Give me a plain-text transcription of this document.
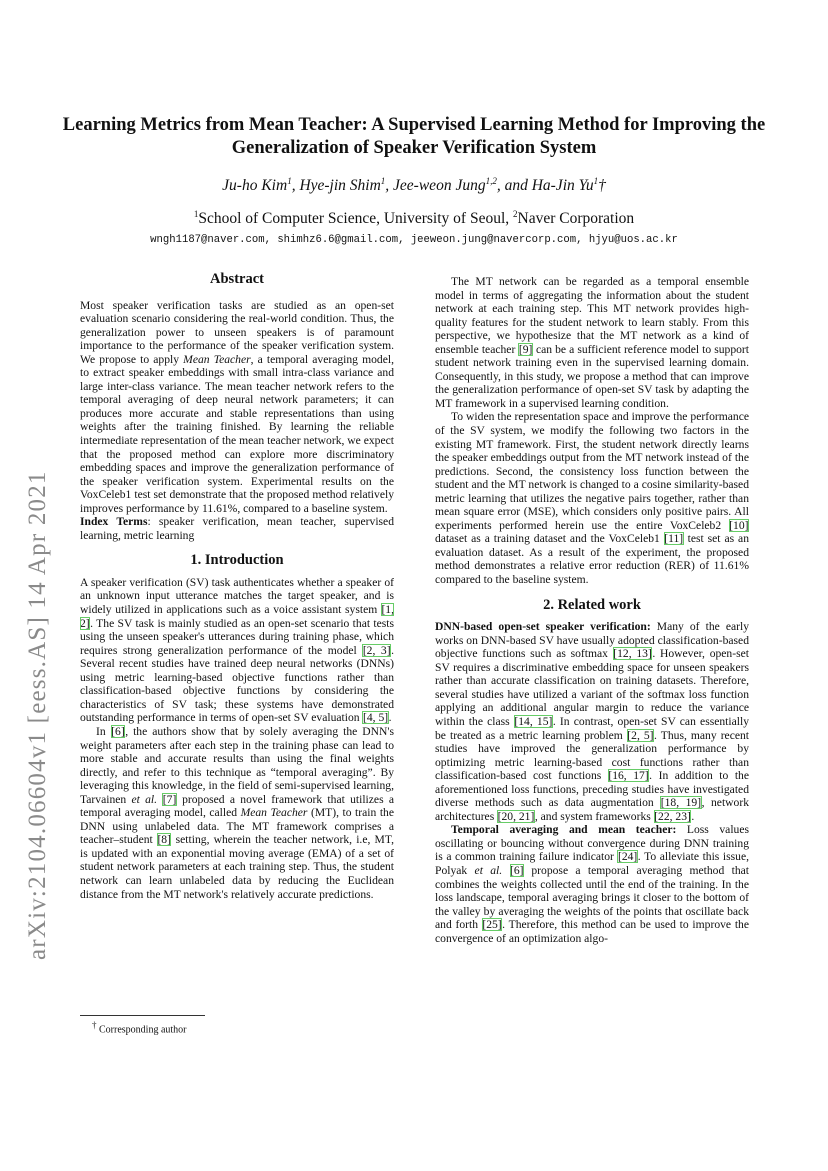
arXiv:2104.06604v1 [eess.AS] 14 Apr 2021
Learning Metrics from Mean Teacher: A Supervised Learning Method for Improving the Generalization of Speaker Verification System
Ju-ho Kim$^1$, Hye-jin Shim$^1$, Jee-weon Jung$^{1,2}$, and Ha-Jin Yu$^1$†
$^1$School of Computer Science, University of Seoul, $^2$Naver Corporation
wngh1187@naver.com, shimhz6.6@gmail.com, jeeweon.jung@navercorp.com, hjyu@uos.ac.kr
Abstract

Most speaker verification tasks are studied as an open-set evaluation scenario considering the real-world condition. Thus, the generalization power to unseen speakers is of paramount importance to the performance of the speaker verification system. We propose to apply Mean Teacher, a temporal averaging model, to extract speaker embeddings with small intra-class variance and large inter-class variance. The mean teacher network refers to the temporal averaging of deep neural network parameters; it can produces more accurate and stable representations than using weights after the training finished. By learning the reliable intermediate representation of the mean teacher network, we expect that the proposed method can explore more discriminatory embedding spaces and improve the generalization performance of the speaker verification system. Experimental results on the VoxCeleb1 test set demonstrate that the proposed method relatively improves performance by 11.61%, compared to a baseline system.

Index Terms: speaker verification, mean teacher, supervised learning, metric learning

1. Introduction

A speaker verification (SV) task authenticates whether a speaker of an unknown input utterance matches the target speaker, and is widely utilized in applications such as a voice assistant system [1, 2]. The SV task is mainly studied as an open-set scenario that tests using the unseen speaker's utterances during training phase, which requires strong generalization performance of the model [2, 3]. Several recent studies have trained deep neural networks (DNNs) using metric learning-based objective functions rather than classification-based objective functions by considering the characteristics of SV task; these systems have demonstrated outstanding performance in terms of open-set SV evaluation [4, 5].

In [6], the authors show that by solely averaging the DNN's weight parameters after each step in the training phase can lead to more stable and accurate results than using the final weights directly, and refer to this technique as “temporal averaging”. By leveraging this knowledge, in the field of semi-supervised learning, Tarvainen et al. [7] proposed a novel framework that utilizes a temporal averaging model, called Mean Teacher (MT), to train the DNN using unlabeled data. The MT framework comprises a teacher–student [8] setting, wherein the teacher network, i.e, MT, is updated with an exponential moving average (EMA) of a set of student network parameters at each training step. Thus, the student network can learn unlabeled data by reducing the Euclidean distance from the MT network's relatively accurate predictions.

† Corresponding author

The MT network can be regarded as a temporal ensemble model in terms of aggregating the information about the student network at each training step. This MT network provides high-quality features for the student network to learn stably. From this perspective, we hypothesize that the MT network as a kind of ensemble teacher [9] can be a sufficient reference model to support student network training even in the supervised learning domain. Consequently, in this study, we propose a method that can improve the generalization performance of open-set SV task by adapting the MT framework in a supervised learning condition.

To widen the representation space and improve the performance of the SV system, we modify the following two factors in the existing MT framework. First, the student network directly learns the speaker embeddings output from the MT network instead of the predictions. Second, the consistency loss function between the student and the MT network is changed to a cosine similarity-based metric learning that utilizes the negative pairs together, rather than mean square error (MSE), which considers only positive pairs. All experiments performed herein use the entire VoxCeleb2 [10] dataset as a training dataset and the VoxCeleb1 [11] test set as an evaluation dataset. As a result of the experiment, the proposed method demonstrates a relative error reduction (RER) of 11.61% compared to the baseline system.

2. Related work

DNN-based open-set speaker verification: Many of the early works on DNN-based SV have usually adopted classification-based objective functions such as softmax [12, 13]. However, open-set SV requires a discriminative embedding space for unseen speakers rather than accurate classification on training datasets. Therefore, several studies have utilized a variant of the softmax loss function applying an additional angular margin to reduce the variance within the class [14, 15]. In contrast, open-set SV can essentially be treated as a metric learning problem [2, 5]. Thus, many recent studies have improved the generalization performance by optimizing metric learning-based cost functions rather than classification-based cost functions [16, 17]. In addition to the aforementioned loss functions, preceding studies have investigated diverse methods such as data augmentation [18, 19], network architectures [20, 21], and system frameworks [22, 23].

Temporal averaging and mean teacher: Loss values oscillating or bouncing without convergence during DNN training is a common training failure indicator [24]. To alleviate this issue, Polyak et al. [6] propose a temporal averaging method that combines the weights collected until the end of the training. In the loss landscape, temporal averaging brings it closer to the bottom of the valley by averaging the weights of the points that oscillate back and forth [25]. Therefore, this method can be used to improve the convergence of an optimization algo-
